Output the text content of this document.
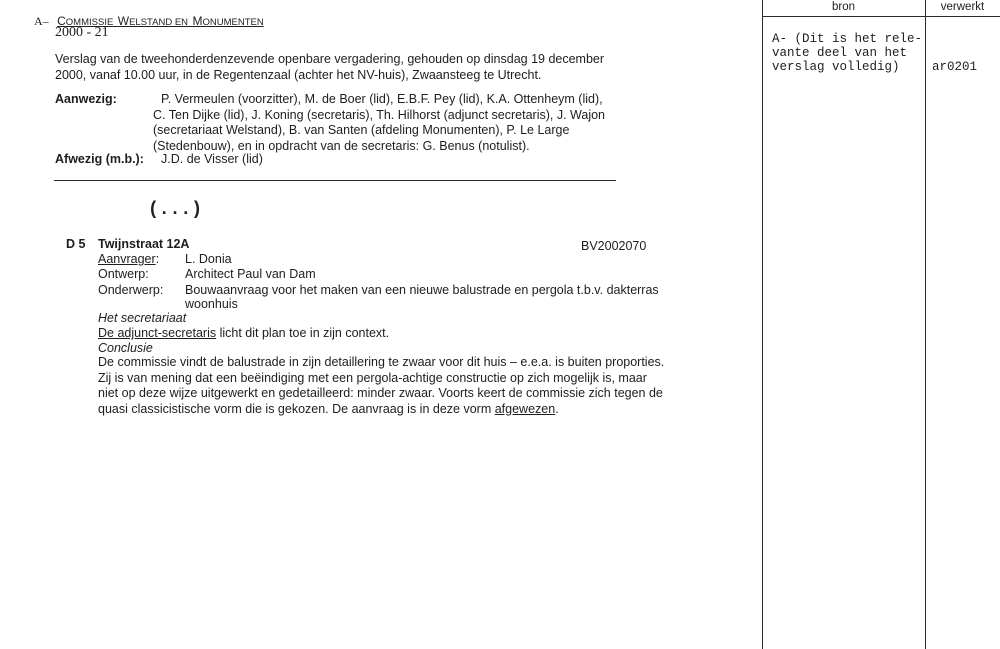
A– COMMISSIE WELSTAND EN MONUMENTEN
2000 - 21
Verslag van de tweehonderdenzevende openbare vergadering, gehouden op dinsdag 19 december
2000, vanaf 10.00 uur, in de Regentenzaal (achter het NV-huis), Zwaansteeg te Utrecht.
Aanwezig:	P. Vermeulen (voorzitter), M. de Boer (lid), E.B.F. Pey (lid), K.A. Ottenheym (lid),
C. Ten Dijke (lid), J. Koning (secretaris), Th. Hilhorst (adjunct secretaris), J. Wajon
(secretariaat Welstand), B. van Santen (afdeling Monumenten), P. Le Large
(Stedenbouw), en in opdracht van de secretaris: G. Benus (notulist).
Afwezig (m.b.): J.D. de Visser (lid)
(...)
D 5 Twijnstraat 12A	BV2002070
Aanvrager: L. Donia
Ontwerp:	Architect Paul van Dam
Onderwerp: Bouwaanvraag voor het maken van een nieuwe balustrade en pergola t.b.v. dakterras
woonhuis
Het secretariaat
De adjunct-secretaris licht dit plan toe in zijn context.
Conclusie
De commissie vindt de balustrade in zijn detaillering te zwaar voor dit huis – e.e.a. is buiten proporties.
Zij is van mening dat een beëindiging met een pergola-achtige constructie op zich mogelijk is, maar
niet op deze wijze uitgewerkt en gedetailleerd: minder zwaar. Voorts keert de commissie zich tegen de
quasi classicistische vorm die is gekozen. De aanvraag is in deze vorm afgewezen.
bron	verwerkt
A- (Dit is het rele-
vante deel van het
verslag volledig)	ar0201
